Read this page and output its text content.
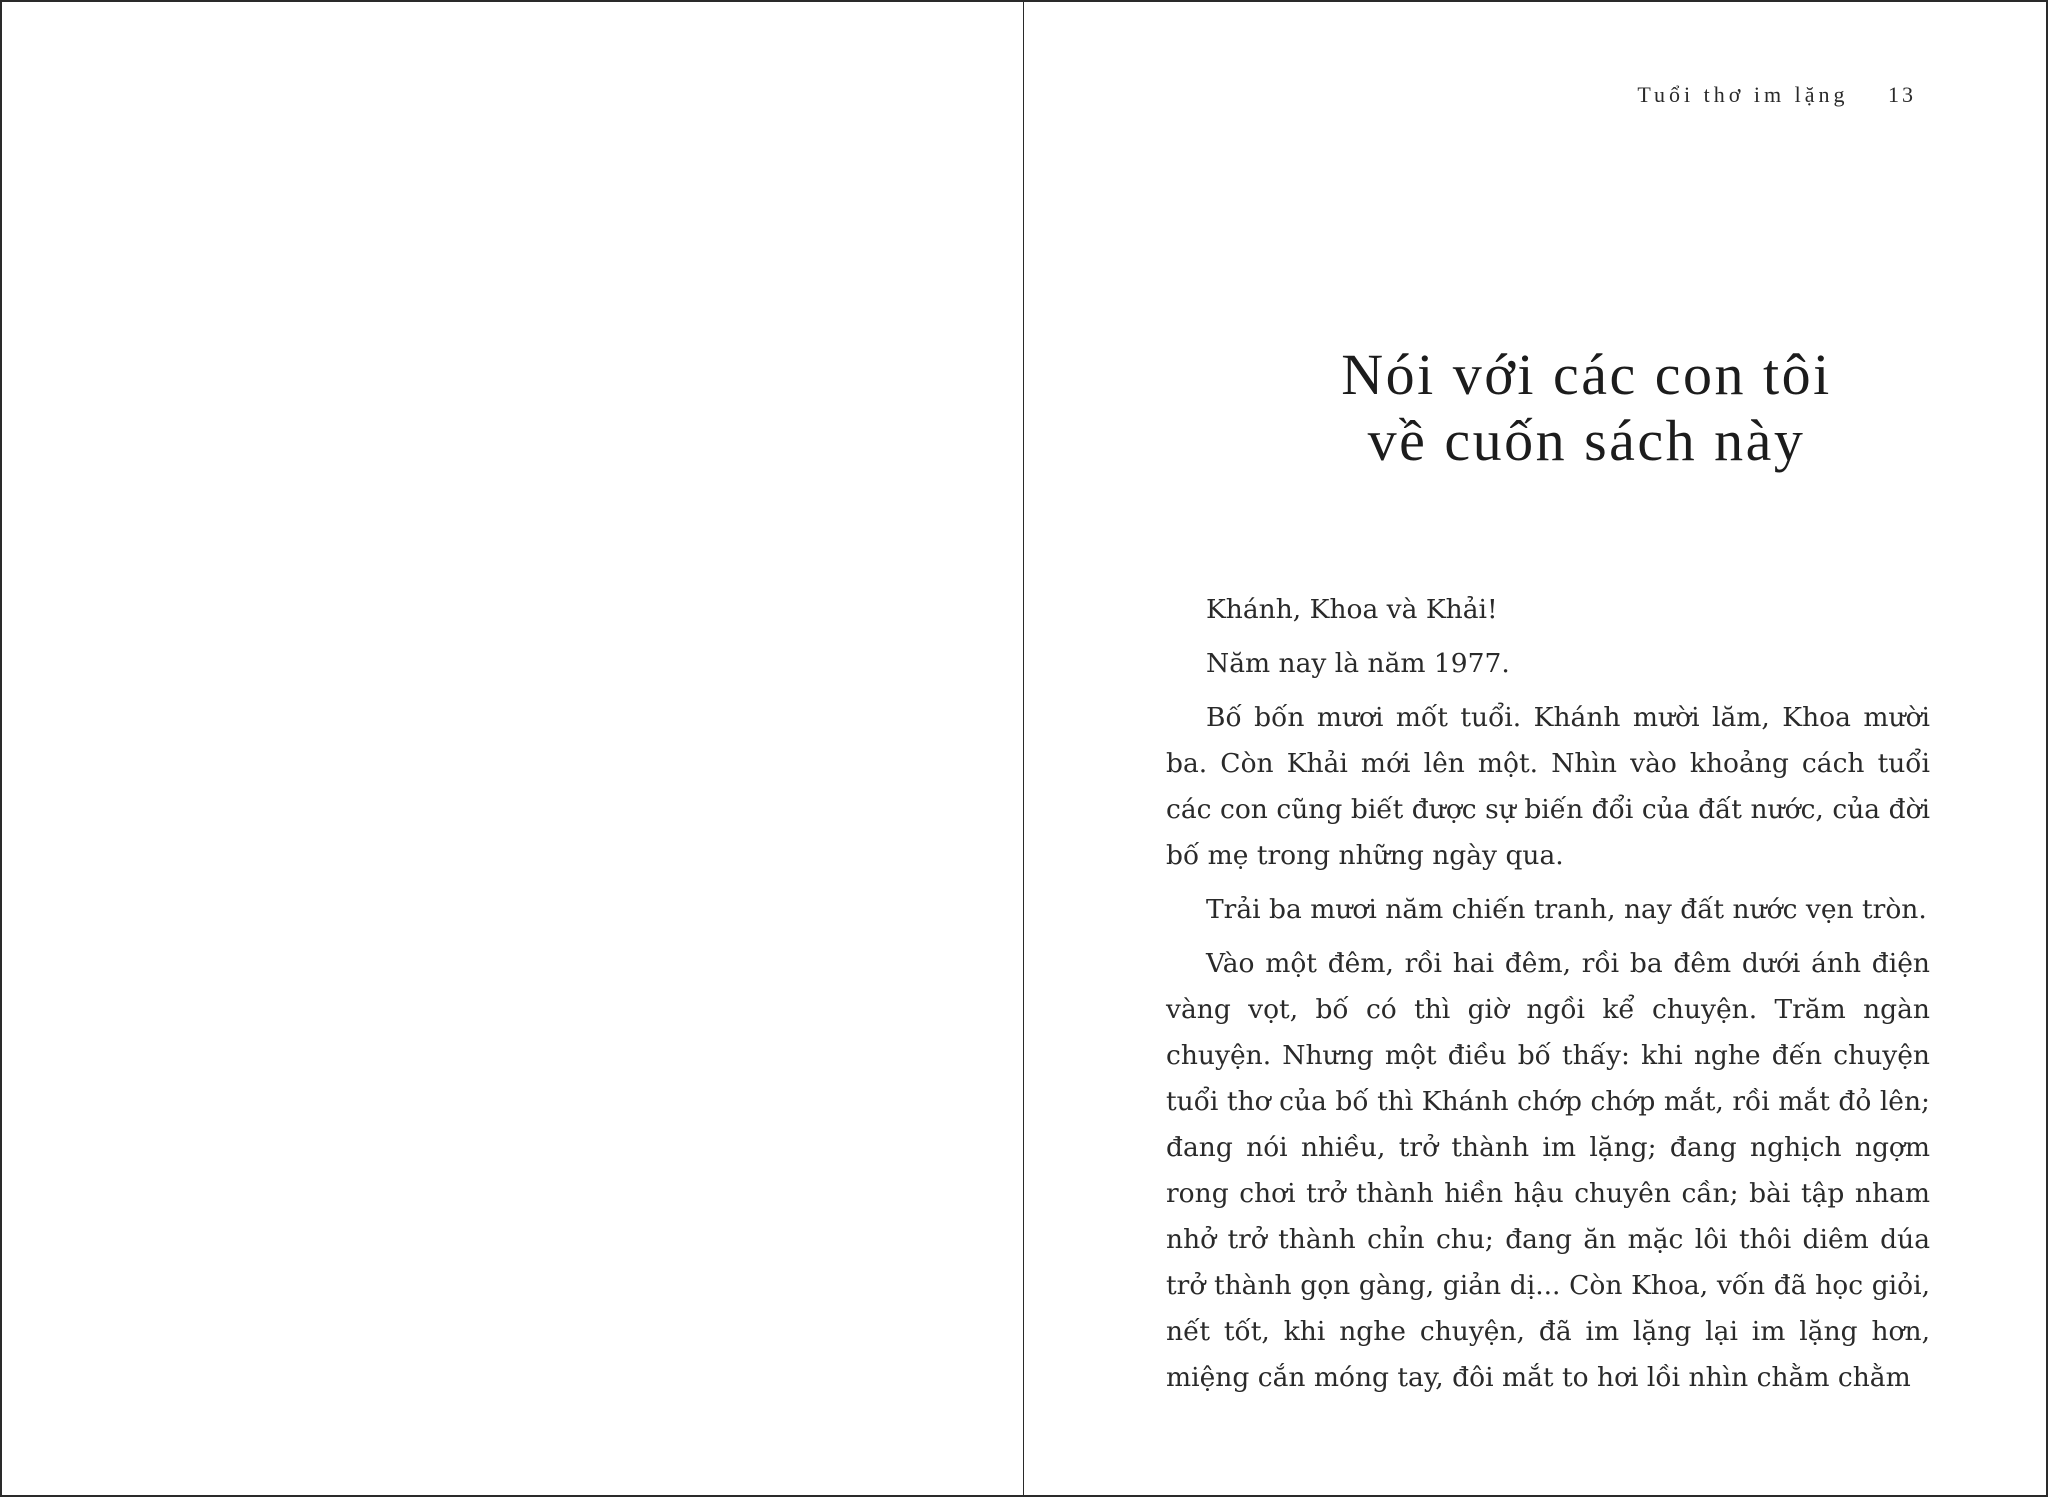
Tuổi thơ im lặng 13
Nói với các con tôi
về cuốn sách này

Khánh, Khoa và Khải!

Năm nay là năm 1977.

Bố bốn mươi mốt tuổi. Khánh mười lăm, Khoa mười ba. Còn Khải mới lên một. Nhìn vào khoảng cách tuổi các con cũng biết được sự biến đổi của đất nước, của đời bố mẹ trong những ngày qua.

Trải ba mươi năm chiến tranh, nay đất nước vẹn tròn.

Vào một đêm, rồi hai đêm, rồi ba đêm dưới ánh điện vàng vọt, bố có thì giờ ngồi kể chuyện. Trăm ngàn chuyện. Nhưng một điều bố thấy: khi nghe đến chuyện tuổi thơ của bố thì Khánh chớp chớp mắt, rồi mắt đỏ lên; đang nói nhiều, trở thành im lặng; đang nghịch ngợm rong chơi trở thành hiền hậu chuyên cần; bài tập nham nhở trở thành chỉn chu; đang ăn mặc lôi thôi diêm dúa trở thành gọn gàng, giản dị... Còn Khoa, vốn đã học giỏi, nết tốt, khi nghe chuyện, đã im lặng lại im lặng hơn, miệng cắn móng tay, đôi mắt to hơi lồi nhìn chằm chằm
